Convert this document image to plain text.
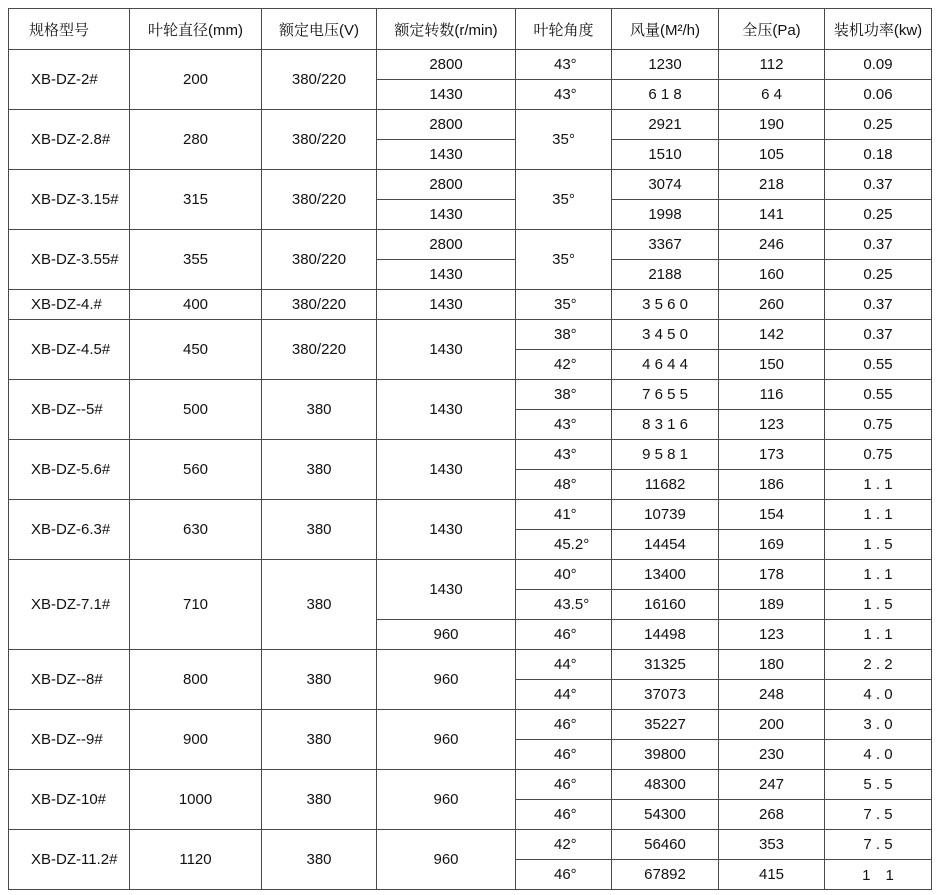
规格型号	叶轮直径(mm)	额定电压(V)	额定转数(r/min)	叶轮角度	风量(M²/h)	全压(Pa)	装机功率(kw)
XB-DZ-2#	200	380/220	2800	43°	1230	112	0.09
			1430	43°	6 1 8	6 4	0.06
XB-DZ-2.8#	280	380/220	2800	35°	2921	190	0.25
			1430		1510	105	0.18
XB-DZ-3.15#	315	380/220	2800	35°	3074	218	0.37
			1430		1998	141	0.25
XB-DZ-3.55#	355	380/220	2800	35°	3367	246	0.37
			1430		2188	160	0.25
XB-DZ-4.#	400	380/220	1430	35°	3 5 6 0	260	0.37
XB-DZ-4.5#	450	380/220	1430	38°	3 4 5 0	142	0.37
				42°	4 6 4 4	150	0.55
XB-DZ--5#	500	380	1430	38°	7 6 5 5	116	0.55
				43°	8 3 1 6	123	0.75
XB-DZ-5.6#	560	380	1430	43°	9 5 8 1	173	0.75
				48°	11682	186	1 . 1
XB-DZ-6.3#	630	380	1430	41°	10739	154	1 . 1
				45.2°	14454	169	1 . 5
XB-DZ-7.1#	710	380	1430	40°	13400	178	1 . 1
				43.5°	16160	189	1 . 5
			960	46°	14498	123	1 . 1
XB-DZ--8#	800	380	960	44°	31325	180	2 . 2
				44°	37073	248	4 . 0
XB-DZ--9#	900	380	960	46°	35227	200	3 . 0
				46°	39800	230	4 . 0
XB-DZ-10#	1000	380	960	46°	48300	247	5 . 5
				46°	54300	268	7 . 5
XB-DZ-11.2#	1120	380	960	42°	56460	353	7 . 5
				46°	67892	415	1　1
